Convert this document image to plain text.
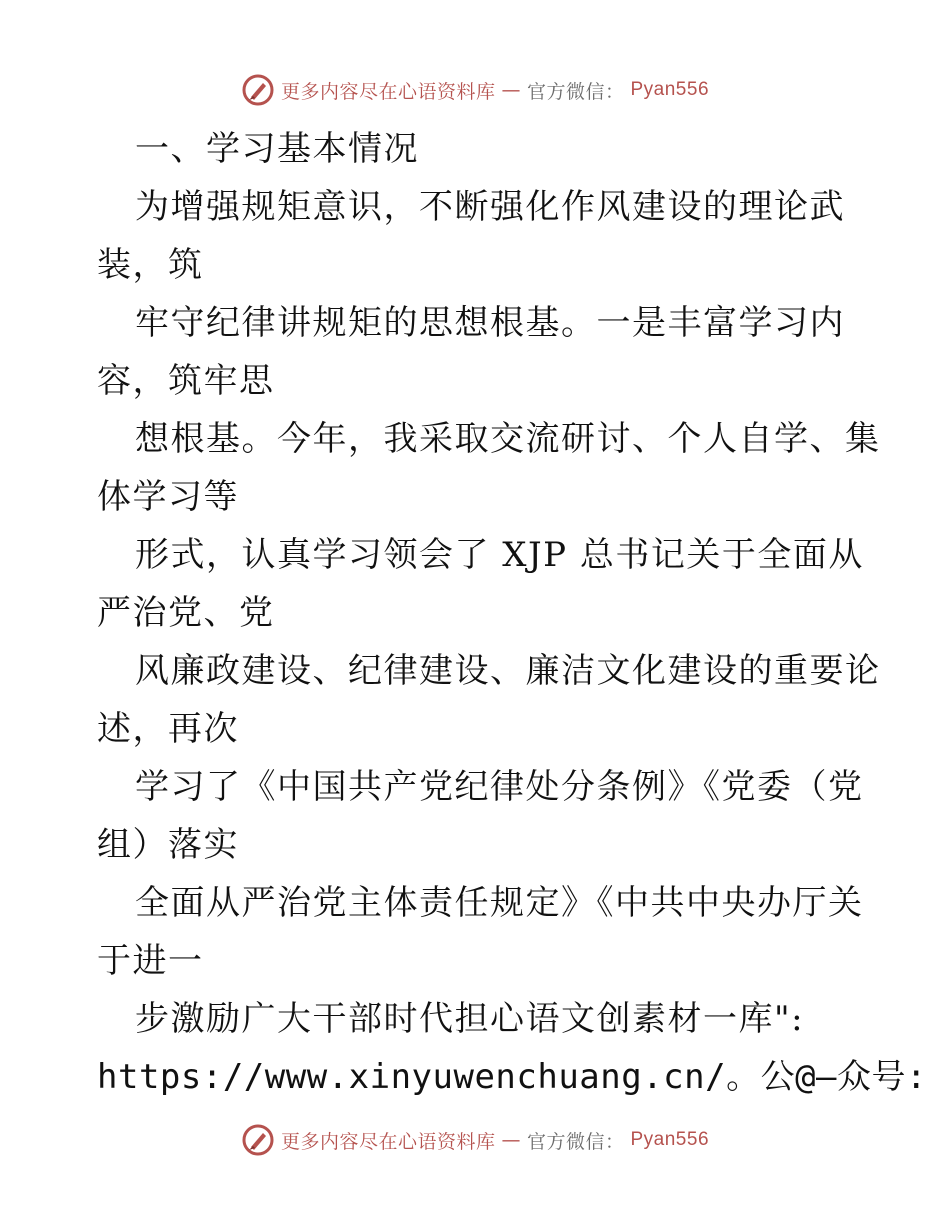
更多内容尽在心语资料库 — 官方微信： Pyan556
一、学习基本情况
为增强规矩意识，不断强化作风建设的理论武
装，筑
牢守纪律讲规矩的思想根基。一是丰富学习内
容，筑牢思
想根基。今年，我采取交流研讨、个人自学、集
体学习等
形式，认真学习领会了 XJP 总书记关于全面从
严治党、党
风廉政建设、纪律建设、廉洁文化建设的重要论
述，再次
学习了《中国共产党纪律处分条例》《党委（党
组）落实
全面从严治党主体责任规定》《中共中央办厅关
于进一
步激励广大干部时代担心语文创素材一库":
https://www.xinyuwenchuang.cn/。公@—众号:
更多内容尽在心语资料库 — 官方微信： Pyan556
